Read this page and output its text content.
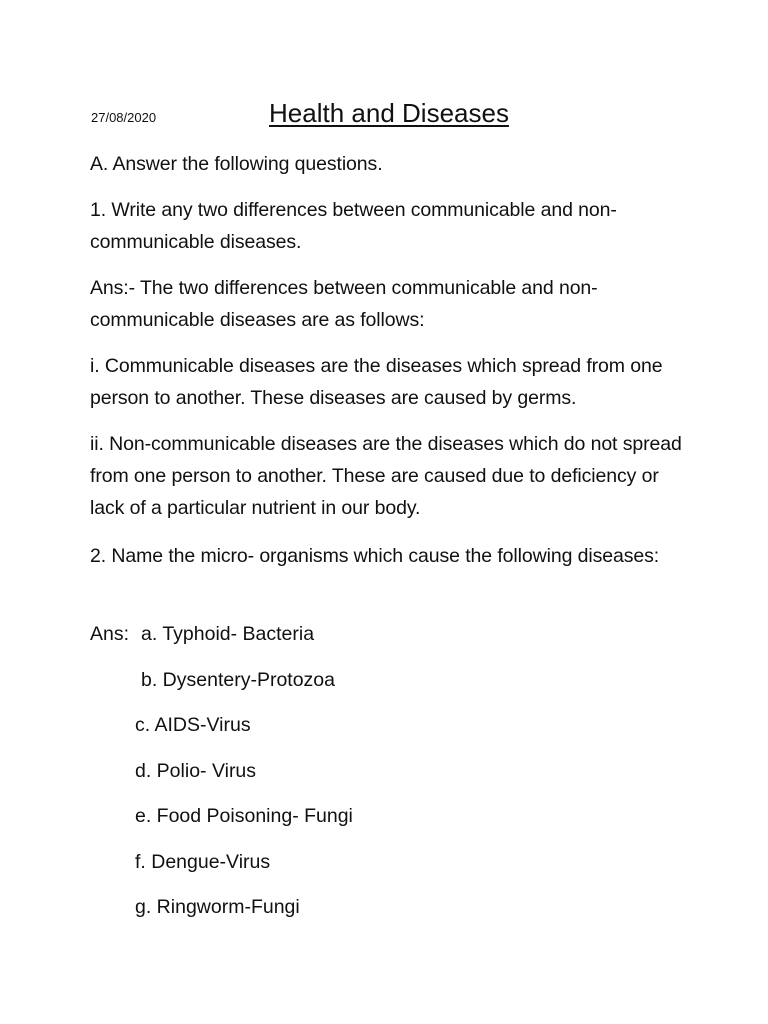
27/08/2020	Health and Diseases
A. Answer the following questions.
1. Write any two differences between communicable and non-communicable diseases.
Ans:- The two differences between communicable and non-communicable diseases are as follows:
i. Communicable diseases are the diseases which spread from one person to another. These diseases are caused by germs.
ii. Non-communicable diseases are the diseases which do not spread from one person to another. These are caused due to deficiency or lack of a particular nutrient in our body.
2. Name the micro- organisms which cause the following diseases:
Ans: a. Typhoid- Bacteria
b. Dysentery-Protozoa
c. AIDS-Virus
d. Polio- Virus
e. Food Poisoning- Fungi
f. Dengue-Virus
g. Ringworm-Fungi
